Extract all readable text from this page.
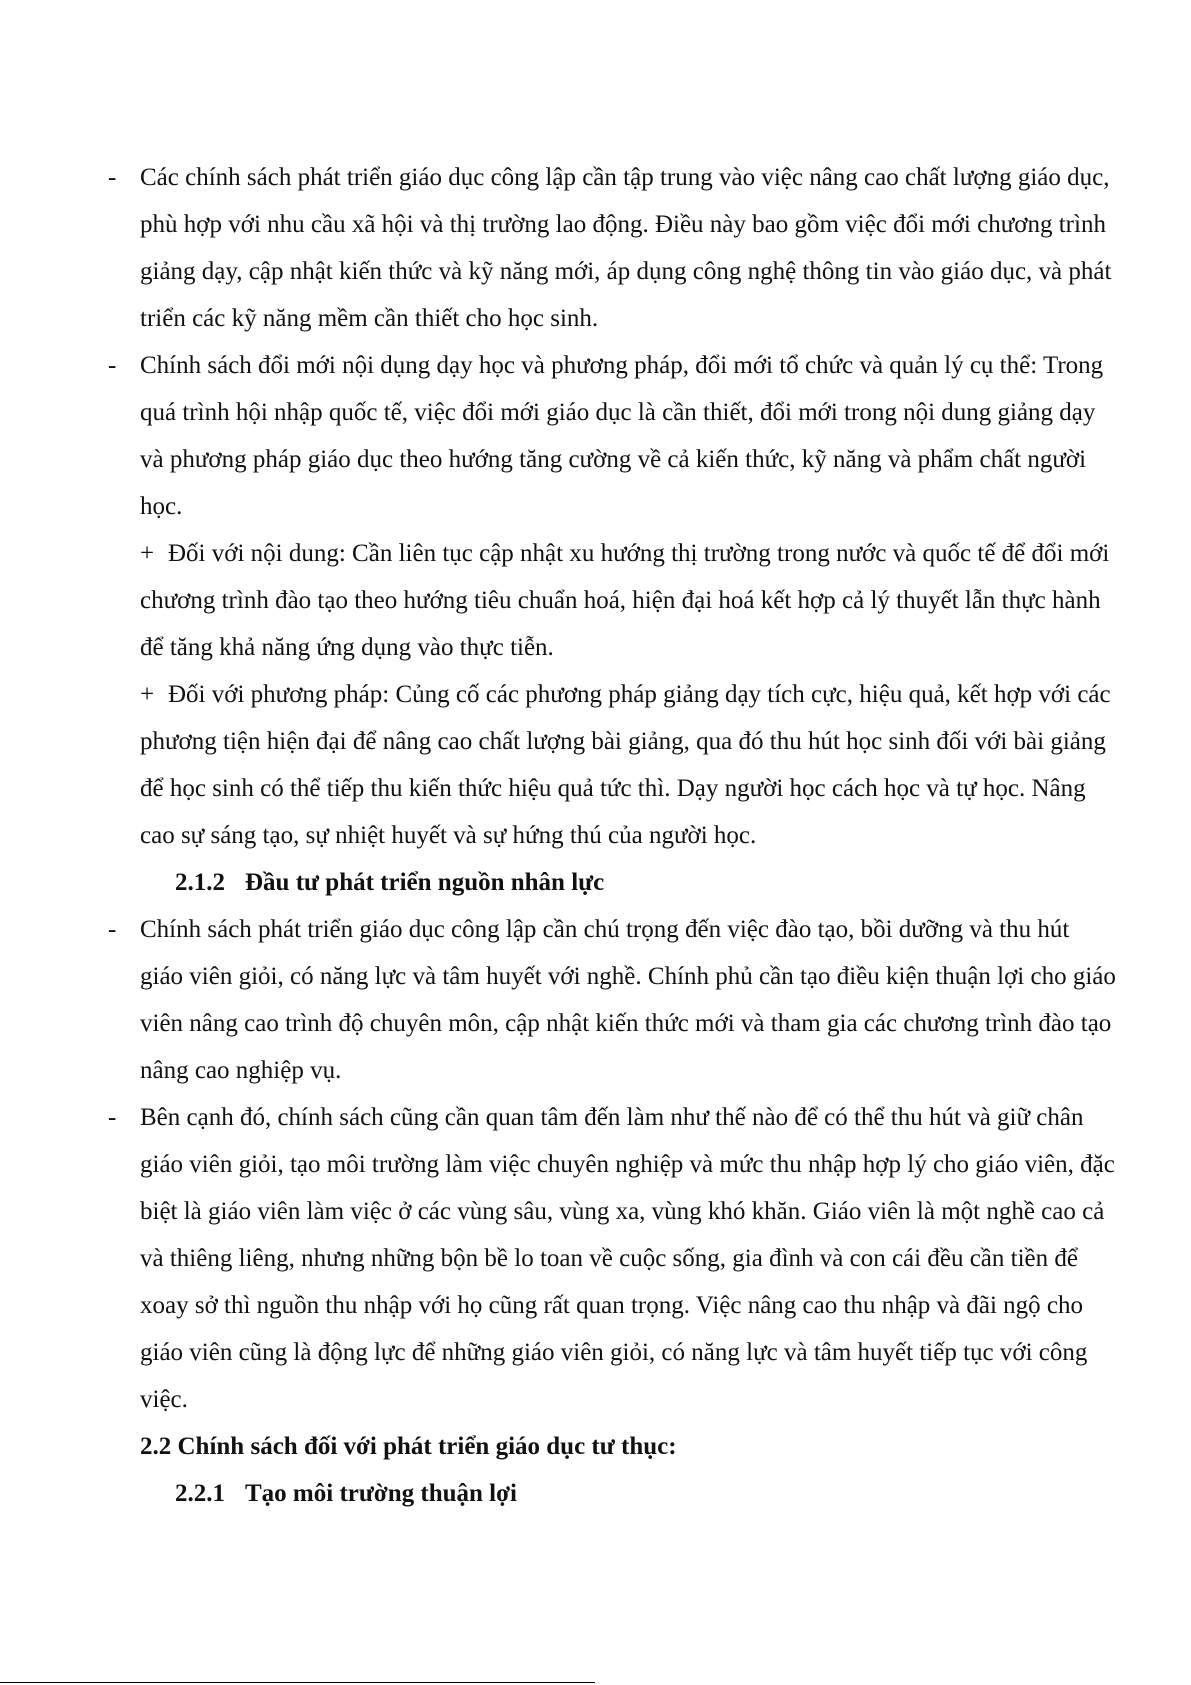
- Các chính sách phát triển giáo dục công lập cần tập trung vào việc nâng cao chất lượng giáo dục, phù hợp với nhu cầu xã hội và thị trường lao động. Điều này bao gồm việc đổi mới chương trình giảng dạy, cập nhật kiến thức và kỹ năng mới, áp dụng công nghệ thông tin vào giáo dục, và phát triển các kỹ năng mềm cần thiết cho học sinh.
- Chính sách đổi mới nội dụng dạy học và phương pháp, đổi mới tổ chức và quản lý cụ thể: Trong quá trình hội nhập quốc tế, việc đổi mới giáo dục là cần thiết, đổi mới trong nội dung giảng dạy và phương pháp giáo dục theo hướng tăng cường về cả kiến thức, kỹ năng và phẩm chất người học.
+ Đối với nội dung: Cần liên tục cập nhật xu hướng thị trường trong nước và quốc tế để đổi mới chương trình đào tạo theo hướng tiêu chuẩn hoá, hiện đại hoá kết hợp cả lý thuyết lẫn thực hành để tăng khả năng ứng dụng vào thực tiễn.
+ Đối với phương pháp: Củng cố các phương pháp giảng dạy tích cực, hiệu quả, kết hợp với các phương tiện hiện đại để nâng cao chất lượng bài giảng, qua đó thu hút học sinh đối với bài giảng để học sinh có thể tiếp thu kiến thức hiệu quả tức thì. Dạy người học cách học và tự học. Nâng cao sự sáng tạo, sự nhiệt huyết và sự hứng thú của người học.
2.1.2 Đầu tư phát triển nguồn nhân lực
- Chính sách phát triển giáo dục công lập cần chú trọng đến việc đào tạo, bồi dưỡng và thu hút giáo viên giỏi, có năng lực và tâm huyết với nghề. Chính phủ cần tạo điều kiện thuận lợi cho giáo viên nâng cao trình độ chuyên môn, cập nhật kiến thức mới và tham gia các chương trình đào tạo nâng cao nghiệp vụ.
- Bên cạnh đó, chính sách cũng cần quan tâm đến làm như thế nào để có thể thu hút và giữ chân giáo viên giỏi, tạo môi trường làm việc chuyên nghiệp và mức thu nhập hợp lý cho giáo viên, đặc biệt là giáo viên làm việc ở các vùng sâu, vùng xa, vùng khó khăn. Giáo viên là một nghề cao cả và thiêng liêng, nhưng những bộn bề lo toan về cuộc sống, gia đình và con cái đều cần tiền để xoay sở thì nguồn thu nhập với họ cũng rất quan trọng. Việc nâng cao thu nhập và đãi ngộ cho giáo viên cũng là động lực để những giáo viên giỏi, có năng lực và tâm huyết tiếp tục với công việc.
2.2 Chính sách đối với phát triển giáo dục tư thục:
2.2.1 Tạo môi trường thuận lợi
